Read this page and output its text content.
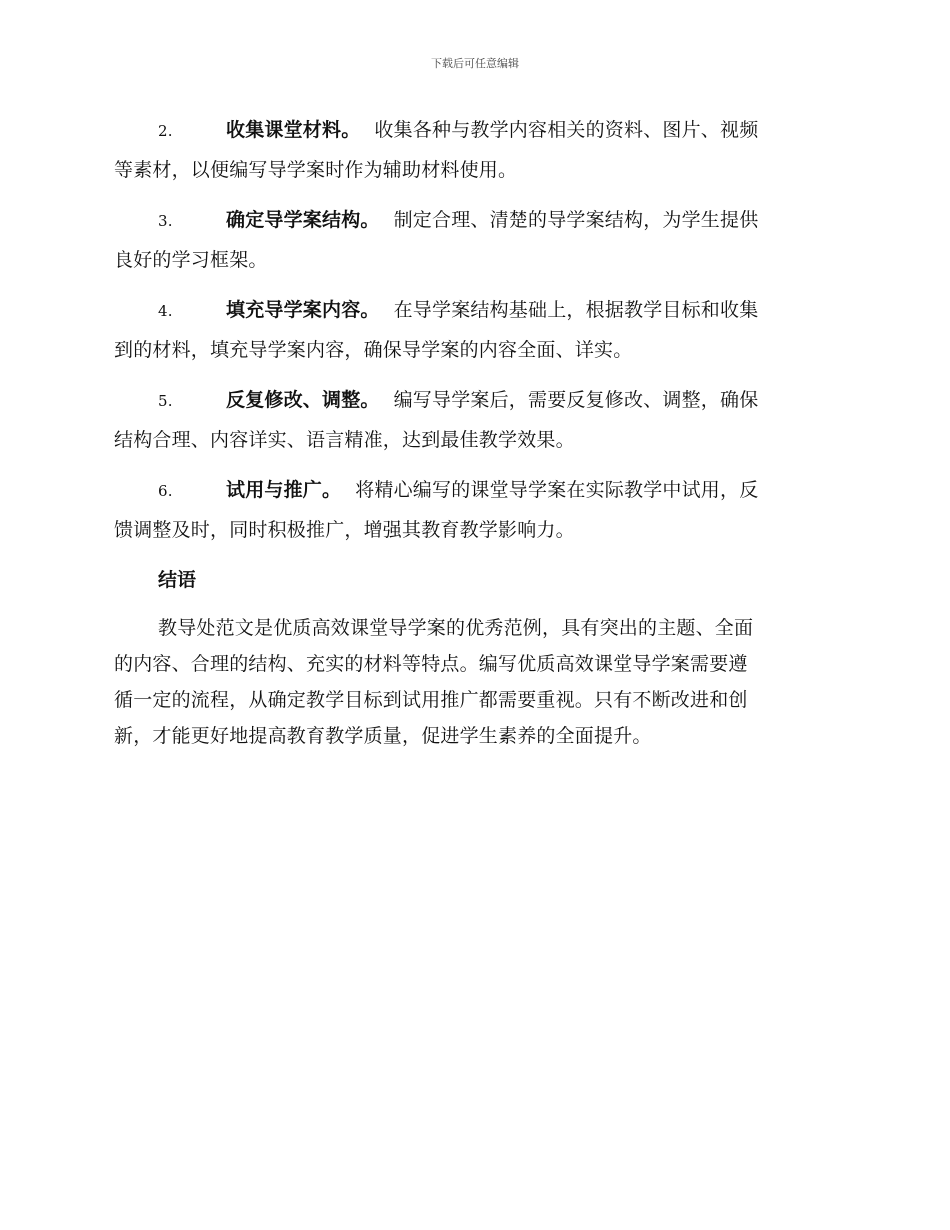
下载后可任意编辑
2.	收集课堂材料。 收集各种与教学内容相关的资料、图片、视频
等素材，以便编写导学案时作为辅助材料使用。
3.	确定导学案结构。 制定合理、清楚的导学案结构，为学生提供
良好的学习框架。
4.	填充导学案内容。 在导学案结构基础上，根据教学目标和收集
到的材料，填充导学案内容，确保导学案的内容全面、详实。
5.	反复修改、调整。 编写导学案后，需要反复修改、调整，确保
结构合理、内容详实、语言精准，达到最佳教学效果。
6.	试用与推广。 将精心编写的课堂导学案在实际教学中试用，反
馈调整及时，同时积极推广，增强其教育教学影响力。
结语
教导处范文是优质高效课堂导学案的优秀范例，具有突出的主题、全面
的内容、合理的结构、充实的材料等特点。编写优质高效课堂导学案需要遵
循一定的流程，从确定教学目标到试用推广都需要重视。只有不断改进和创
新，才能更好地提高教育教学质量，促进学生素养的全面提升。
